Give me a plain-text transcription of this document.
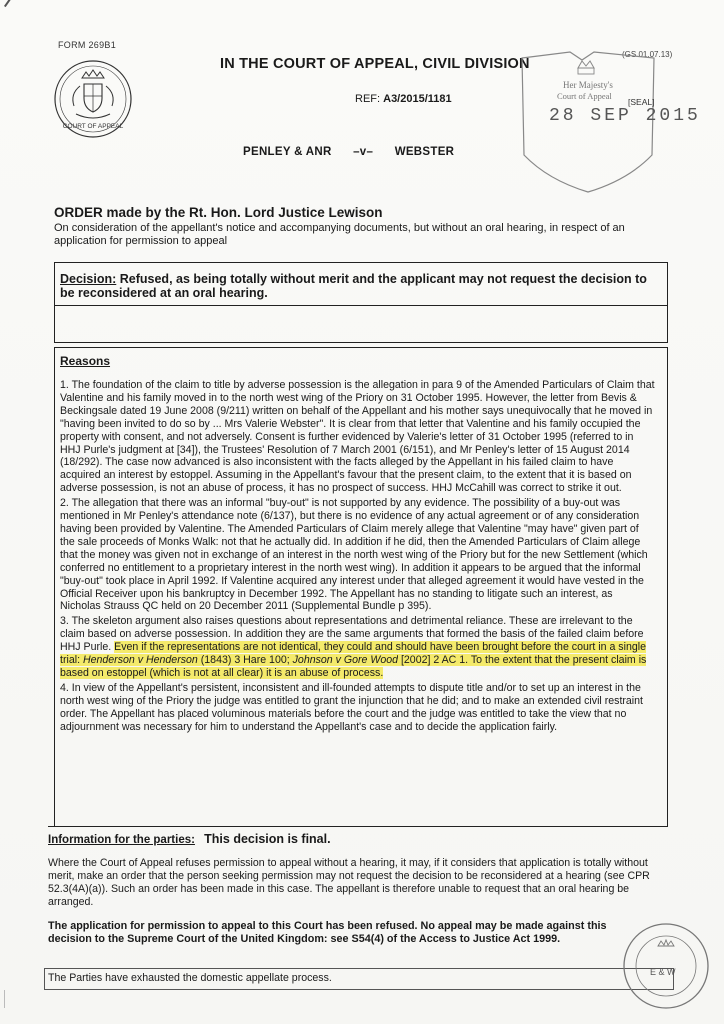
FORM 269B1
(GS 01.07.13)
COURT OF APPEAL
IN THE COURT OF APPEAL, CIVIL DIVISION
REF: A3/2015/1181
Her Majesty's
Court of Appeal
[SEAL]
28 SEP 2015
PENLEY & ANR –v– WEBSTER
ORDER made by the Rt. Hon. Lord Justice Lewison
On consideration of the appellant's notice and accompanying documents, but without an oral hearing, in respect of an application for permission to appeal
Decision: Refused, as being totally without merit and the applicant may not request the decision to be reconsidered at an oral hearing.
Reasons

1. The foundation of the claim to title by adverse possession is the allegation in para 9 of the Amended Particulars of Claim that Valentine and his family moved in to the north west wing of the Priory on 31 October 1995. However, the letter from Bevis & Beckingsale dated 19 June 2008 (9/211) written on behalf of the Appellant and his mother says unequivocally that he moved in "having been invited to do so by ... Mrs Valerie Webster". It is clear from that letter that Valentine and his family occupied the property with consent, and not adversely. Consent is further evidenced by Valerie's letter of 31 October 1995 (referred to in HHJ Purle's judgment at [34]), the Trustees' Resolution of 7 March 2001 (6/151), and Mr Penley's letter of 15 August 2014 (18/292). The case now advanced is also inconsistent with the facts alleged by the Appellant in his failed claim to have acquired an interest by estoppel. Assuming in the Appellant's favour that the present claim, to the extent that it is based on adverse possession, is not an abuse of process, it has no prospect of success. HHJ McCahill was correct to strike it out.

2. The allegation that there was an informal "buy-out" is not supported by any evidence. The possibility of a buy-out was mentioned in Mr Penley's attendance note (6/137), but there is no evidence of any actual agreement or of any consideration having been provided by Valentine. The Amended Particulars of Claim merely allege that Valentine "may have" given part of the sale proceeds of Monks Walk: not that he actually did. In addition if he did, then the Amended Particulars of Claim allege that the money was given not in exchange of an interest in the north west wing of the Priory but for the new Settlement (which conferred no entitlement to a proprietary interest in the north west wing). In addition it appears to be argued that the informal "buy-out" took place in April 1992. If Valentine acquired any interest under that alleged agreement it would have vested in the Official Receiver upon his bankruptcy in December 1992. The Appellant has no standing to litigate such an interest, as Nicholas Strauss QC held on 20 December 2011 (Supplemental Bundle p 395).

3. The skeleton argument also raises questions about representations and detrimental reliance. These are irrelevant to the claim based on adverse possession. In addition they are the same arguments that formed the basis of the failed claim before HHJ Purle. Even if the representations are not identical, they could and should have been brought before the court in a single trial: Henderson v Henderson (1843) 3 Hare 100; Johnson v Gore Wood [2002] 2 AC 1. To the extent that the present claim is based on estoppel (which is not at all clear) it is an abuse of process.

4. In view of the Appellant's persistent, inconsistent and ill-founded attempts to dispute title and/or to set up an interest in the north west wing of the Priory the judge was entitled to grant the injunction that he did; and to make an extended civil restraint order. The Appellant has placed voluminous materials before the court and the judge was entitled to take the view that no adjournment was necessary for him to understand the Appellant's case and to decide the application fairly.

Information for the parties: This decision is final.
Where the Court of Appeal refuses permission to appeal without a hearing, it may, if it considers that application is totally without merit, make an order that the person seeking permission may not request the decision to be reconsidered at a hearing (see CPR 52.3(4A)(a)). Such an order has been made in this case. The appellant is therefore unable to request that an oral hearing be arranged.
The application for permission to appeal to this Court has been refused. No appeal may be made against this decision to the Supreme Court of the United Kingdom: see S54(4) of the Access to Justice Act 1999.
The Parties have exhausted the domestic appellate process.	E & W
